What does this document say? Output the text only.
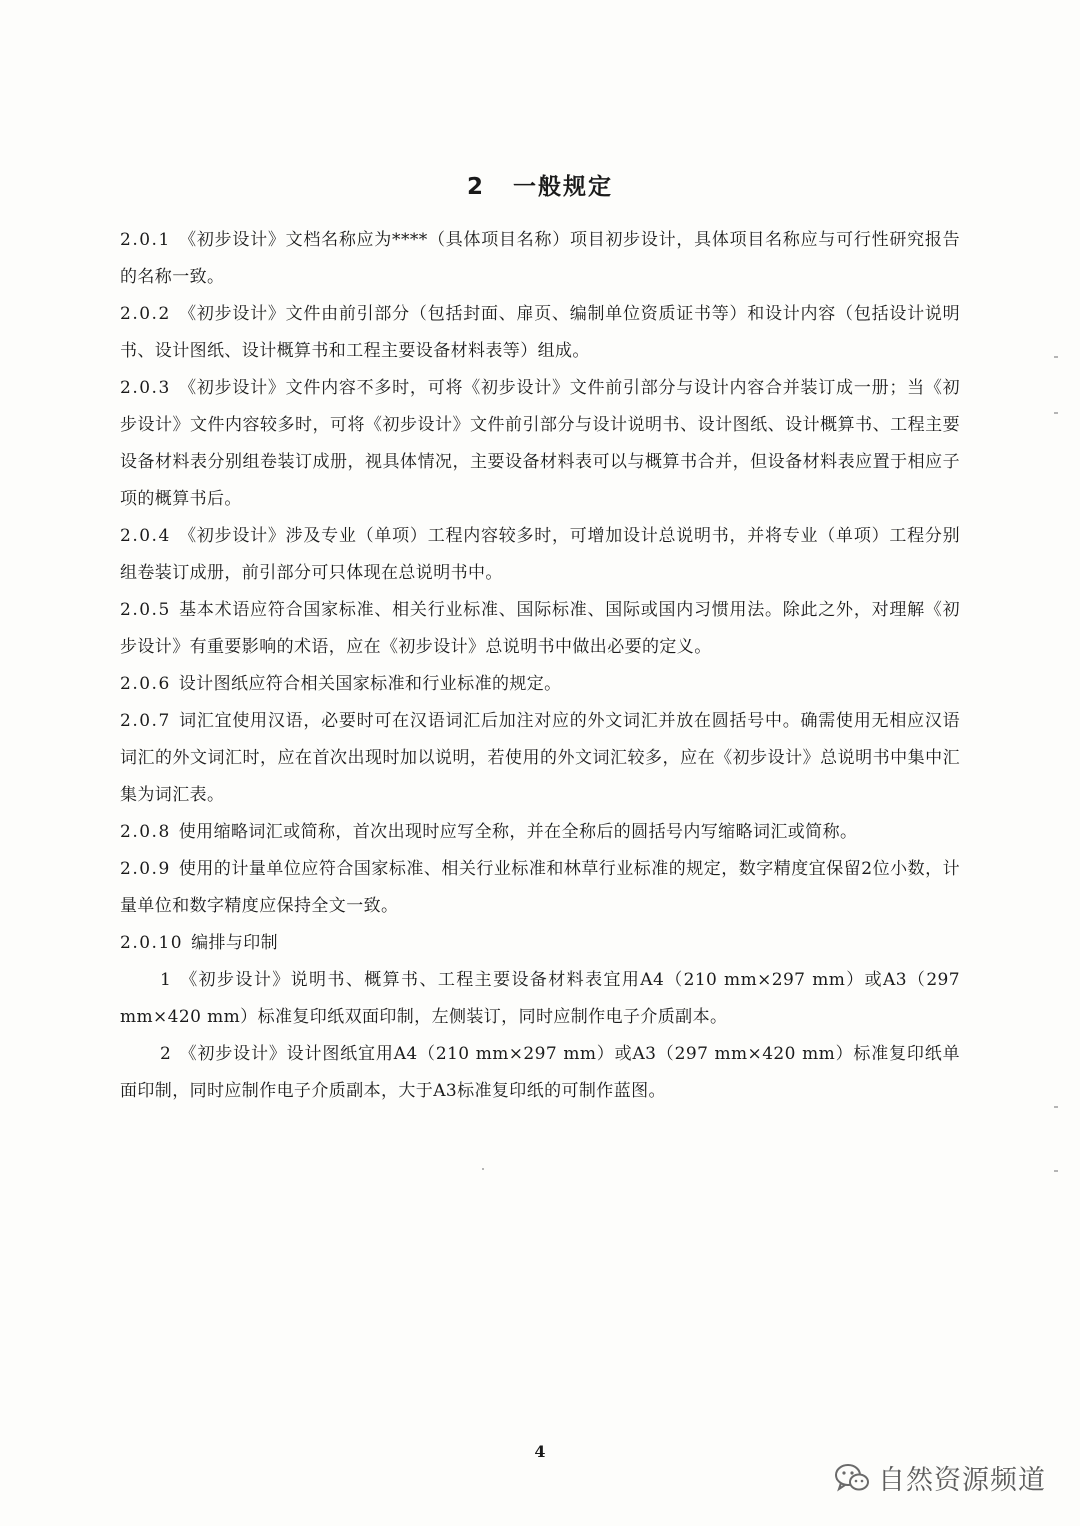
2 一般规定

2.0.1 《初步设计》文档名称应为****（具体项目名称）项目初步设计，具体项目名称应与可行性研究报告的名称一致。

2.0.2 《初步设计》文件由前引部分（包括封面、扉页、编制单位资质证书等）和设计内容（包括设计说明书、设计图纸、设计概算书和工程主要设备材料表等）组成。

2.0.3 《初步设计》文件内容不多时，可将《初步设计》文件前引部分与设计内容合并装订成一册；当《初步设计》文件内容较多时，可将《初步设计》文件前引部分与设计说明书、设计图纸、设计概算书、工程主要设备材料表分别组卷装订成册，视具体情况，主要设备材料表可以与概算书合并，但设备材料表应置于相应子项的概算书后。

2.0.4 《初步设计》涉及专业（单项）工程内容较多时，可增加设计总说明书，并将专业（单项）工程分别组卷装订成册，前引部分可只体现在总说明书中。

2.0.5 基本术语应符合国家标准、相关行业标准、国际标准、国际或国内习惯用法。除此之外，对理解《初步设计》有重要影响的术语，应在《初步设计》总说明书中做出必要的定义。

2.0.6 设计图纸应符合相关国家标准和行业标准的规定。

2.0.7 词汇宜使用汉语，必要时可在汉语词汇后加注对应的外文词汇并放在圆括号中。确需使用无相应汉语词汇的外文词汇时，应在首次出现时加以说明，若使用的外文词汇较多，应在《初步设计》总说明书中集中汇集为词汇表。

2.0.8 使用缩略词汇或简称，首次出现时应写全称，并在全称后的圆括号内写缩略词汇或简称。

2.0.9 使用的计量单位应符合国家标准、相关行业标准和林草行业标准的规定，数字精度宜保留2位小数，计量单位和数字精度应保持全文一致。

2.0.10 编排与印制

1 《初步设计》说明书、概算书、工程主要设备材料表宜用A4（210 mm×297 mm）或A3（297 mm×420 mm）标准复印纸双面印制，左侧装订，同时应制作电子介质副本。

2 《初步设计》设计图纸宜用A4（210 mm×297 mm）或A3（297 mm×420 mm）标准复印纸单面印制，同时应制作电子介质副本，大于A3标准复印纸的可制作蓝图。

4
自然资源频道
